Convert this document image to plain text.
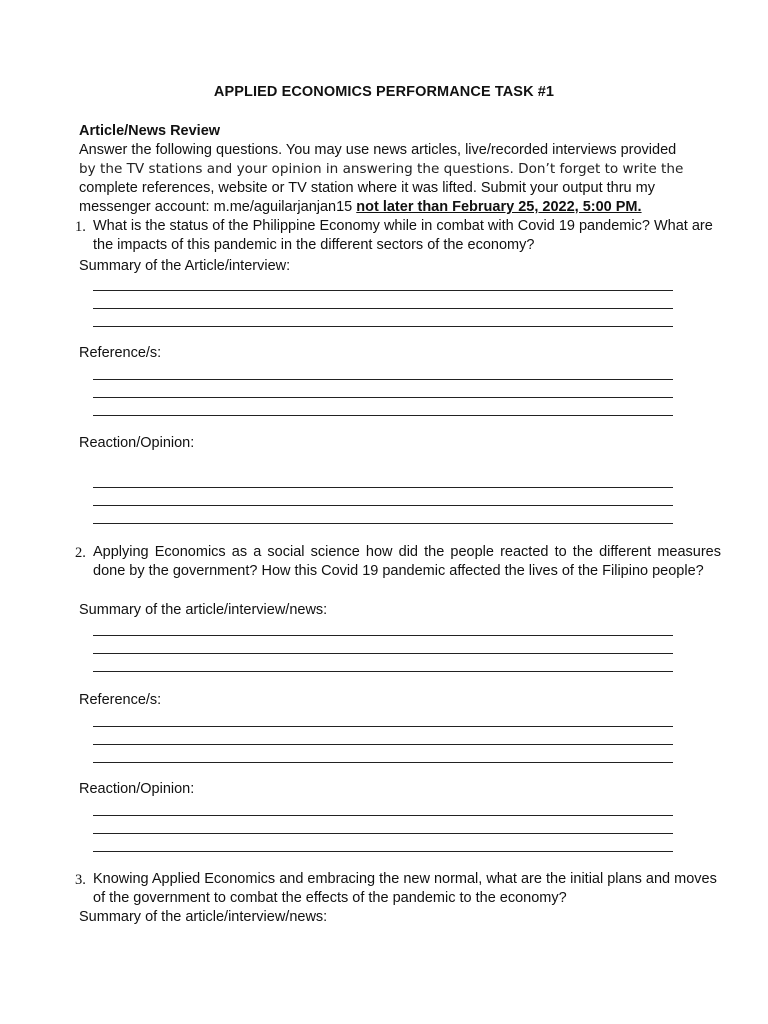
APPLIED ECONOMICS PERFORMANCE TASK #1
Article/News Review
Answer the following questions. You may use news articles, live/recorded interviews provided
by the TV stations and your opinion in answering the questions. Don’t forget to write the
complete references, website or TV station where it was lifted. Submit your output thru my
messenger account: m.me/aguilarjanjan15 not later than February 25, 2022, 5:00 PM.
1. What is the status of the Philippine Economy while in combat with Covid 19 pandemic? What are the impacts of this pandemic in the different sectors of the economy?
Summary of the Article/interview:
Reference/s:
Reaction/Opinion:
2. Applying Economics as a social science how did the people reacted to the different measures done by the government? How this Covid 19 pandemic affected the lives of the Filipino people?
Summary of the article/interview/news:
Reference/s:
Reaction/Opinion:
3. Knowing Applied Economics and embracing the new normal, what are the initial plans and moves of the government to combat the effects of the pandemic to the economy?
Summary of the article/interview/news:
